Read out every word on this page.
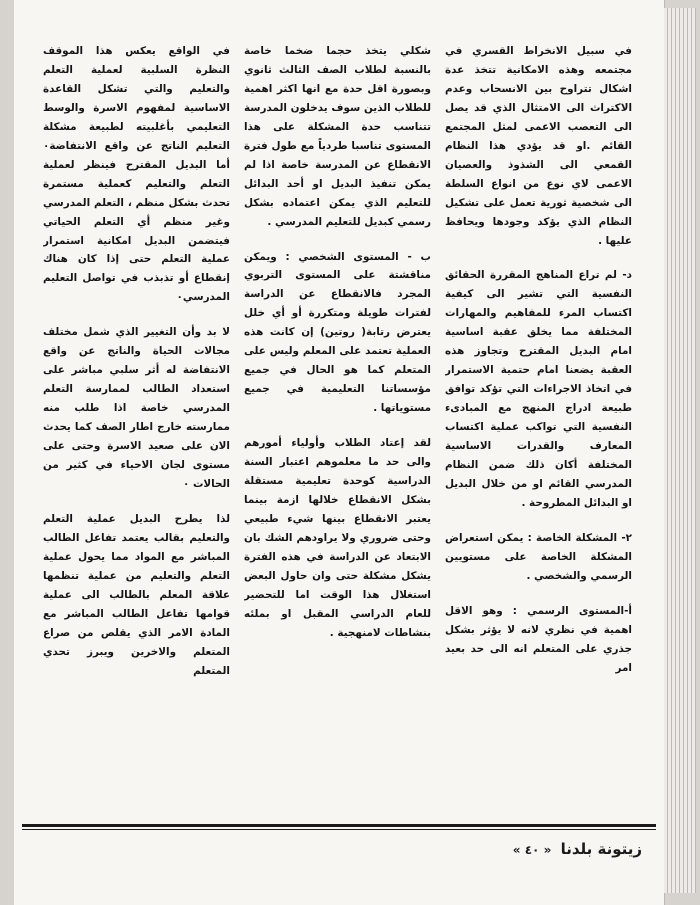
في سبيل الانخراط القسري في مجتمعه وهذه الامكانية تتخذ عدة اشكال تتراوح بين الانسحاب وعدم الاكتراث الى الامتثال الذي قد يصل الى التعصب الاعمى لمثل المجتمع القائم .او قد يؤدي هذا النظام القمعي الى الشذوذ والعصيان الاعمى لاي نوع من انواع السلطة الى شخصية ثورية تعمل على تشكيل النظام الذي يؤكد وجودها ويحافظ عليها .

د- لم تراع المناهج المقررة الحقائق النفسية التي تشير الى كيفية اكتساب المرء للمفاهيم والمهارات المختلفة مما يخلق عقبة اساسية امام البديل المقترح وتجاوز هذه العقبة يضعنا امام حتمية الاستمرار في اتخاذ الاجراءات التي تؤكد توافق طبيعة ادراج المنهج مع المبادىء النفسية التي تواكب عملية اكتساب المعارف والقدرات الاساسية المختلفة أكان ذلك ضمن النظام المدرسي القائم او من خلال البديل او البدائل المطروحة .

٢- المشكلة الخاصة : يمكن استعراض المشكلة الخاصة على مستويين الرسمي والشخصي .

أ-المستوى الرسمي : وهو الاقل اهمية في نظري لانه لا يؤثر بشكل جذري على المتعلم انه الى حد بعيد امر

شكلي يتخذ حجما ضخما خاصة بالنسبة لطلاب الصف الثالث ثانوي وبصورة اقل حدة مع انها اكثر اهمية للطلاب الذين سوف يدخلون المدرسة تتناسب حدة المشكلة على هذا المستوى تناسبا طردياً مع طول فترة الانقطاع عن المدرسة خاصة اذا لم يمكن تنفيذ البديل او أحد البدائل للتعليم الذي يمكن اعتماده بشكل رسمي كبديل للتعليم المدرسي .

ب - المستوى الشخصي : ويمكن مناقشتة على المستوى التربوي المجرد فالانقطاع عن الدراسة لفترات طويلة ومتكررة أو أي خلل يعترض رتابة( روتين) إن كانت هذه العملية تعتمد على المعلم وليس على المتعلم كما هو الحال في جميع مؤسساتنا التعليمية في جميع مستوياتها .

لقد إعتاد الطلاب وأولياء أمورهم والى حد ما معلموهم اعتبار السنة الدراسية كوحدة تعليمية مستقلة بشكل الانقطاع خلالها ازمة بينما يعتبر الانقطاع بينها شيء طبيعي وحتى ضروري ولا يراودهم الشك بان الابتعاد عن الدراسة في هذه الفترة يشكل مشكلة حتى وان حاول البعض استغلال هذا الوقت اما للتحضير للعام الدراسي المقبل او بملئه بنشاطات لامنهجية .

في الواقع يعكس هذا الموقف النظرة السلبية لعملية التعلم والتعليم والتي تشكل القاعدة الاساسية لمفهوم الاسرة والوسط التعليمي بأغلبيته لطبيعة مشكلة التعليم الناتج عن واقع الانتفاضة٠ أما البديل المقترح فينظر لعملية التعلم والتعليم كعملية مستمرة تحدث بشكل منظم ، التعلم المدرسي وغير منظم أي التعلم الحياتي فيتضمن البديل امكانية استمرار عملية التعلم حتى إذا كان هناك إنقطاع أو تذبذب في تواصل التعليم المدرسي٠

لا بد وأن التغيير الذي شمل مختلف مجالات الحياة والناتج عن واقع الانتفاضة له أثر سلبي مباشر على استعداد الطالب لممارسة التعلم المدرسي خاصة اذا طلب منه ممارسته خارج اطار الصف كما يحدث الان على صعيد الاسرة وحتى على مستوى لجان الاحياء في كثير من الحالات ٠

لذا يطرح البديل عملية التعلم والتعليم بقالب يعتمد تفاعل الطالب المباشر مع المواد مما يحول عملية التعلم والتعليم من عملية تنظمها علاقة المعلم بالطالب الى عملية قوامها تفاعل الطالب المباشر مع المادة الامر الذي يقلص من صراع المتعلم والاخرين ويبرز تحدي المتعلم

زيتونة بلدنا « ٤٠ »
